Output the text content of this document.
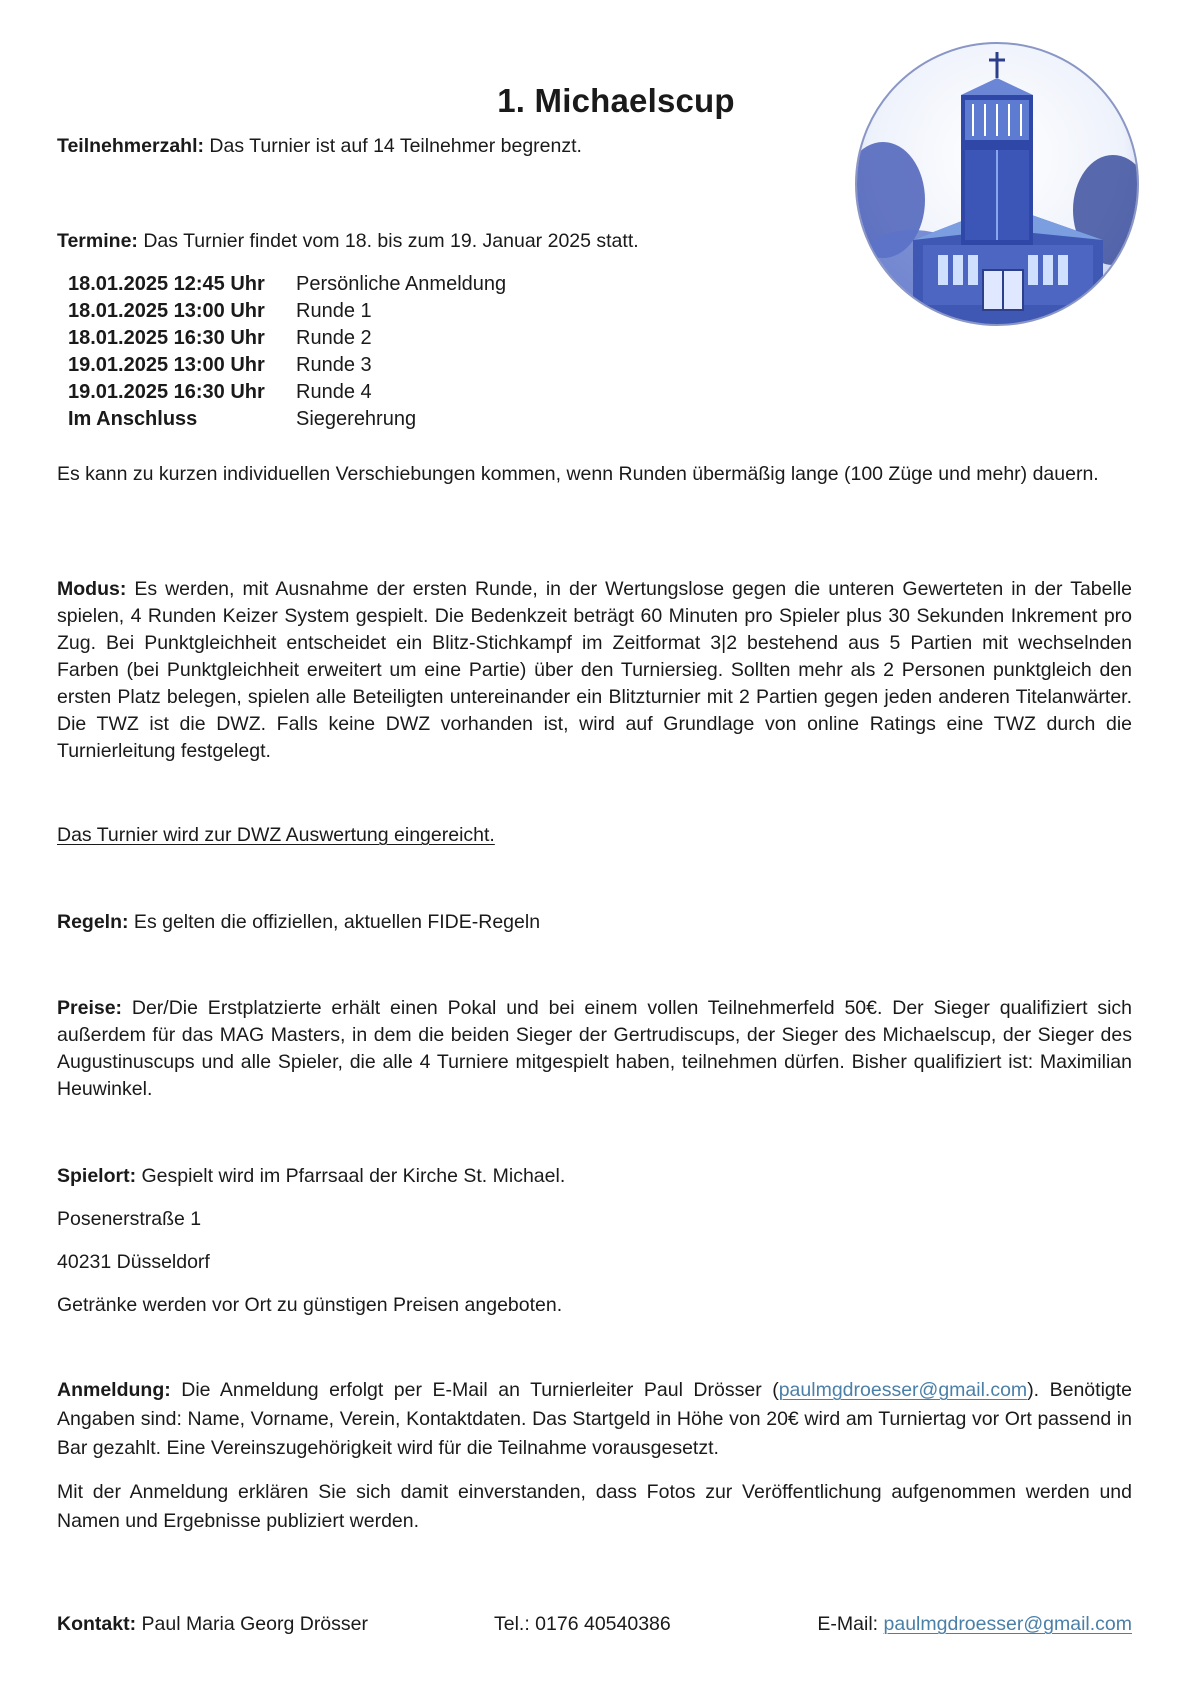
1. Michaelscup
Teilnehmerzahl: Das Turnier ist auf 14 Teilnehmer begrenzt.
Termine: Das Turnier findet vom 18. bis zum 19. Januar 2025 statt.
18.01.2025 12:45 Uhr	Persönliche Anmeldung
18.01.2025 13:00 Uhr	Runde 1
18.01.2025 16:30 Uhr	Runde 2
19.01.2025 13:00 Uhr	Runde 3
19.01.2025 16:30 Uhr	Runde 4
Im Anschluss	Siegerehrung
Es kann zu kurzen individuellen Verschiebungen kommen, wenn Runden übermäßig lange (100 Züge und mehr) dauern.
Modus: Es werden, mit Ausnahme der ersten Runde, in der Wertungslose gegen die unteren Gewerteten in der Tabelle spielen, 4 Runden Keizer System gespielt. Die Bedenkzeit beträgt 60 Minuten pro Spieler plus 30 Sekunden Inkrement pro Zug. Bei Punktgleichheit entscheidet ein Blitz-Stichkampf im Zeitformat 3|2 bestehend aus 5 Partien mit wechselnden Farben (bei Punktgleichheit erweitert um eine Partie) über den Turniersieg. Sollten mehr als 2 Personen punktgleich den ersten Platz belegen, spielen alle Beteiligten untereinander ein Blitzturnier mit 2 Partien gegen jeden anderen Titelanwärter. Die TWZ ist die DWZ. Falls keine DWZ vorhanden ist, wird auf Grundlage von online Ratings eine TWZ durch die Turnierleitung festgelegt.
Das Turnier wird zur DWZ Auswertung eingereicht.
Regeln: Es gelten die offiziellen, aktuellen FIDE-Regeln
Preise: Der/Die Erstplatzierte erhält einen Pokal und bei einem vollen Teilnehmerfeld 50€. Der Sieger qualifiziert sich außerdem für das MAG Masters, in dem die beiden Sieger der Gertrudiscups, der Sieger des Michaelscup, der Sieger des Augustinuscups und alle Spieler, die alle 4 Turniere mitgespielt haben, teilnehmen dürfen. Bisher qualifiziert ist: Maximilian Heuwinkel.
Spielort: Gespielt wird im Pfarrsaal der Kirche St. Michael.
Posenerstraße 1
40231 Düsseldorf
Getränke werden vor Ort zu günstigen Preisen angeboten.
Anmeldung: Die Anmeldung erfolgt per E-Mail an Turnierleiter Paul Drösser (paulmgdroesser@gmail.com). Benötigte Angaben sind: Name, Vorname, Verein, Kontaktdaten. Das Startgeld in Höhe von 20€ wird am Turniertag vor Ort passend in Bar gezahlt. Eine Vereinszugehörigkeit wird für die Teilnahme vorausgesetzt.
Mit der Anmeldung erklären Sie sich damit einverstanden, dass Fotos zur Veröffentlichung aufgenommen werden und Namen und Ergebnisse publiziert werden.
Kontakt: Paul Maria Georg Drösser	Tel.: 0176 40540386	E-Mail: paulmgdroesser@gmail.com
